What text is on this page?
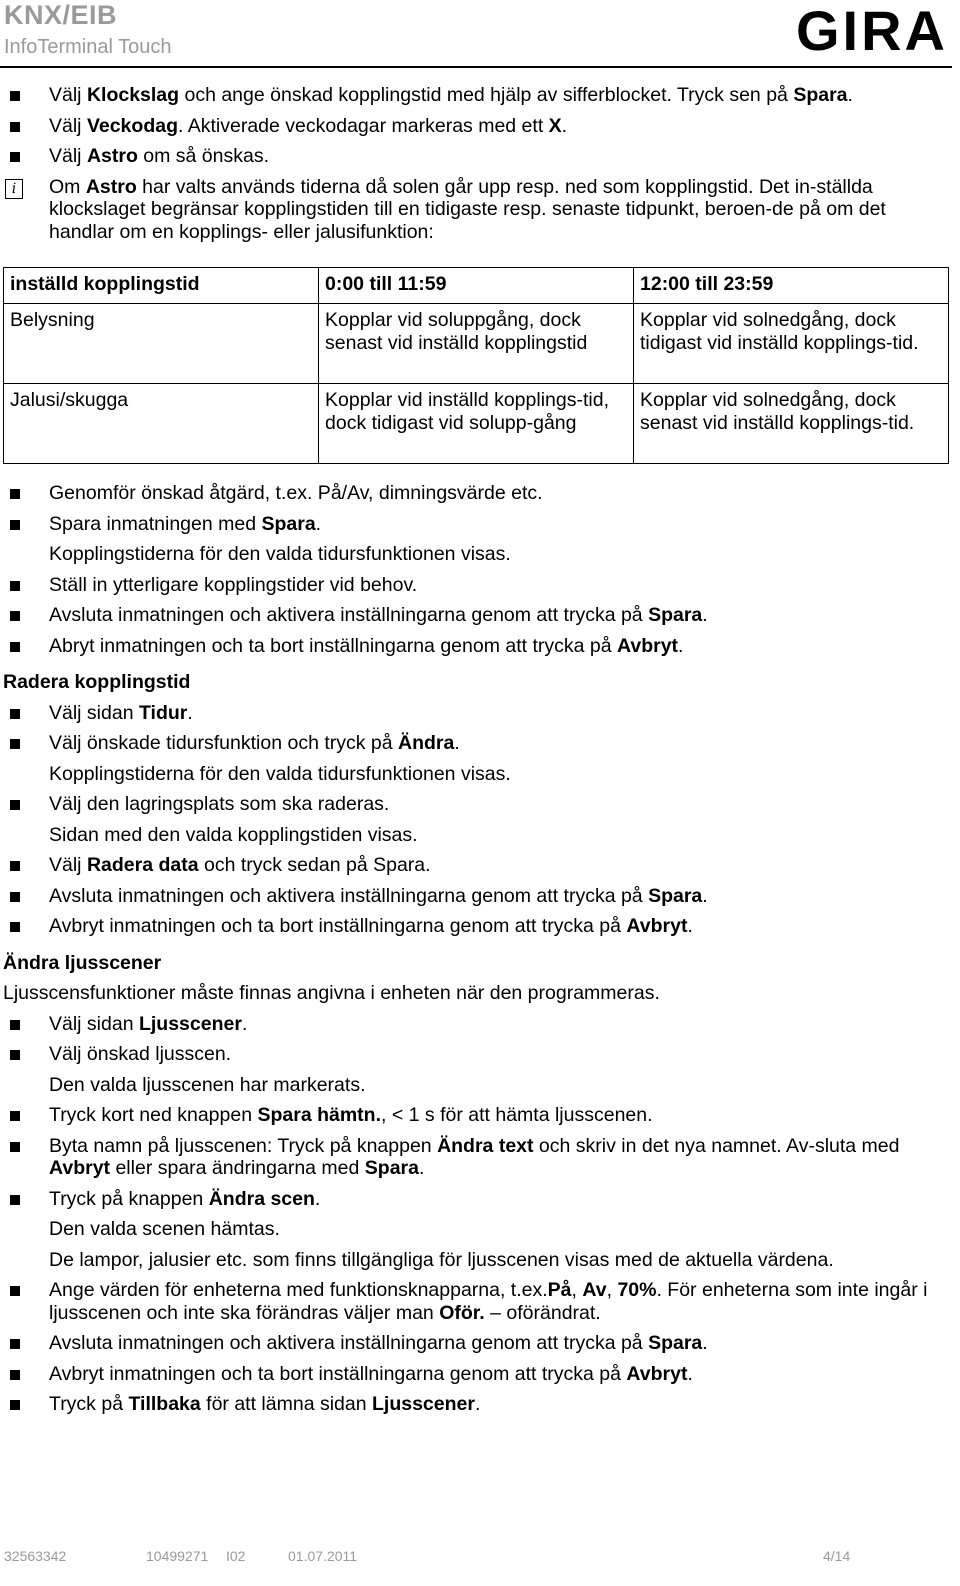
KNX/EIB
InfoTerminal Touch	GIRA
Välj Klockslag och ange önskad kopplingstid med hjälp av sifferblocket. Tryck sen på Spara.
Välj Veckodag. Aktiverade veckodagar markeras med ett X.
Välj Astro om så önskas.
i	Om Astro har valts används tiderna då solen går upp resp. ned som kopplingstid. Det in-ställda klockslaget begränsar kopplingstiden till en tidigaste resp. senaste tidpunkt, beroen-de på om det handlar om en kopplings- eller jalusifunktion:
inställd kopplingstid	0:00 till 11:59	12:00 till 23:59
Belysning	Kopplar vid soluppgång, dock senast vid inställd kopplingstid	Kopplar vid solnedgång, dock tidigast vid inställd kopplings-tid.
Jalusi/skugga	Kopplar vid inställd kopplings-tid, dock tidigast vid solupp-gång	Kopplar vid solnedgång, dock senast vid inställd kopplings-tid.
Genomför önskad åtgärd, t.ex. På/Av, dimningsvärde etc.
Spara inmatningen med Spara.
Kopplingstiderna för den valda tidursfunktionen visas.
Ställ in ytterligare kopplingstider vid behov.
Avsluta inmatningen och aktivera inställningarna genom att trycka på Spara.
Abryt inmatningen och ta bort inställningarna genom att trycka på Avbryt.
Radera kopplingstid
Välj sidan Tidur.
Välj önskade tidursfunktion och tryck på Ändra.
Kopplingstiderna för den valda tidursfunktionen visas.
Välj den lagringsplats som ska raderas.
Sidan med den valda kopplingstiden visas.
Välj Radera data och tryck sedan på Spara.
Avsluta inmatningen och aktivera inställningarna genom att trycka på Spara.
Avbryt inmatningen och ta bort inställningarna genom att trycka på Avbryt.
Ändra ljusscener
Ljusscensfunktioner måste finnas angivna i enheten när den programmeras.
Välj sidan Ljusscener.
Välj önskad ljusscen.
Den valda ljusscenen har markerats.
Tryck kort ned knappen Spara hämtn., < 1 s för att hämta ljusscenen.
Byta namn på ljusscenen: Tryck på knappen Ändra text och skriv in det nya namnet. Av-sluta med Avbryt eller spara ändringarna med Spara.
Tryck på knappen Ändra scen.
Den valda scenen hämtas.
De lampor, jalusier etc. som finns tillgängliga för ljusscenen visas med de aktuella värdena.
Ange värden för enheterna med funktionsknapparna, t.ex.På, Av, 70%. För enheterna som inte ingår i ljusscenen och inte ska förändras väljer man Oför. – oförändrat.
Avsluta inmatningen och aktivera inställningarna genom att trycka på Spara.
Avbryt inmatningen och ta bort inställningarna genom att trycka på Avbryt.
Tryck på Tillbaka för att lämna sidan Ljusscener.
32563342	10499271 I02	01.07.2011	4/14
